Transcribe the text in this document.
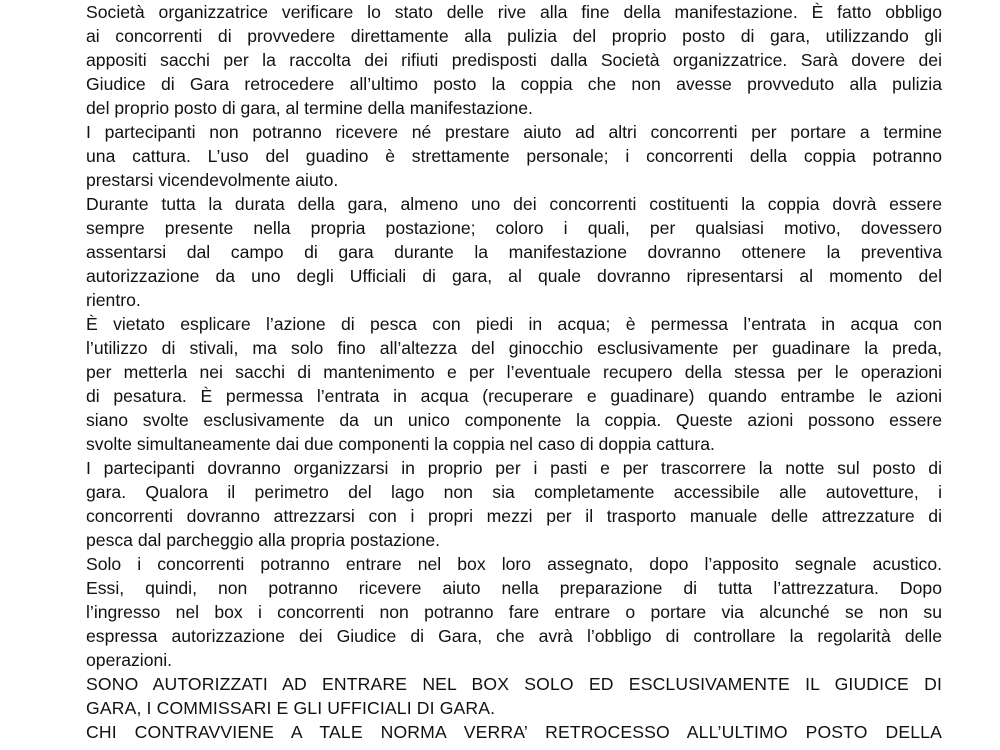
Società organizzatrice verificare lo stato delle rive alla fine della manifestazione. È fatto obbligo
ai concorrenti di provvedere direttamente alla pulizia del proprio posto di gara, utilizzando gli
appositi sacchi per la raccolta dei rifiuti predisposti dalla Società organizzatrice. Sarà dovere dei
Giudice di Gara retrocedere all’ultimo posto la coppia che non avesse provveduto alla pulizia
del proprio posto di gara, al termine della manifestazione.
I partecipanti non potranno ricevere né prestare aiuto ad altri concorrenti per portare a termine
una cattura. L’uso del guadino è strettamente personale; i concorrenti della coppia potranno
prestarsi vicendevolmente aiuto.
Durante tutta la durata della gara, almeno uno dei concorrenti costituenti la coppia dovrà essere
sempre presente nella propria postazione; coloro i quali, per qualsiasi motivo, dovessero
assentarsi dal campo di gara durante la manifestazione dovranno ottenere la preventiva
autorizzazione da uno degli Ufficiali di gara, al quale dovranno ripresentarsi al momento del
rientro.
È vietato esplicare l’azione di pesca con piedi in acqua; è permessa l’entrata in acqua con
l’utilizzo di stivali, ma solo fino all’altezza del ginocchio esclusivamente per guadinare la preda,
per metterla nei sacchi di mantenimento e per l’eventuale recupero della stessa per le operazioni
di pesatura. È permessa l’entrata in acqua (recuperare e guadinare) quando entrambe le azioni
siano svolte esclusivamente da un unico componente la coppia. Queste azioni possono essere
svolte simultaneamente dai due componenti la coppia nel caso di doppia cattura.
I partecipanti dovranno organizzarsi in proprio per i pasti e per trascorrere la notte sul posto di
gara. Qualora il perimetro del lago non sia completamente accessibile alle autovetture, i
concorrenti dovranno attrezzarsi con i propri mezzi per il trasporto manuale delle attrezzature di
pesca dal parcheggio alla propria postazione.
Solo i concorrenti potranno entrare nel box loro assegnato, dopo l’apposito segnale acustico.
Essi, quindi, non potranno ricevere aiuto nella preparazione di tutta l’attrezzatura. Dopo
l’ingresso nel box i concorrenti non potranno fare entrare o portare via alcunché se non su
espressa autorizzazione dei Giudice di Gara, che avrà l’obbligo di controllare la regolarità delle
operazioni.
SONO AUTORIZZATI AD ENTRARE NEL BOX SOLO ED ESCLUSIVAMENTE IL GIUDICE DI
GARA, I COMMISSARI E GLI UFFICIALI DI GARA.
CHI CONTRAVVIENE A TALE NORMA VERRA’ RETROCESSO ALL’ULTIMO POSTO DELLA
